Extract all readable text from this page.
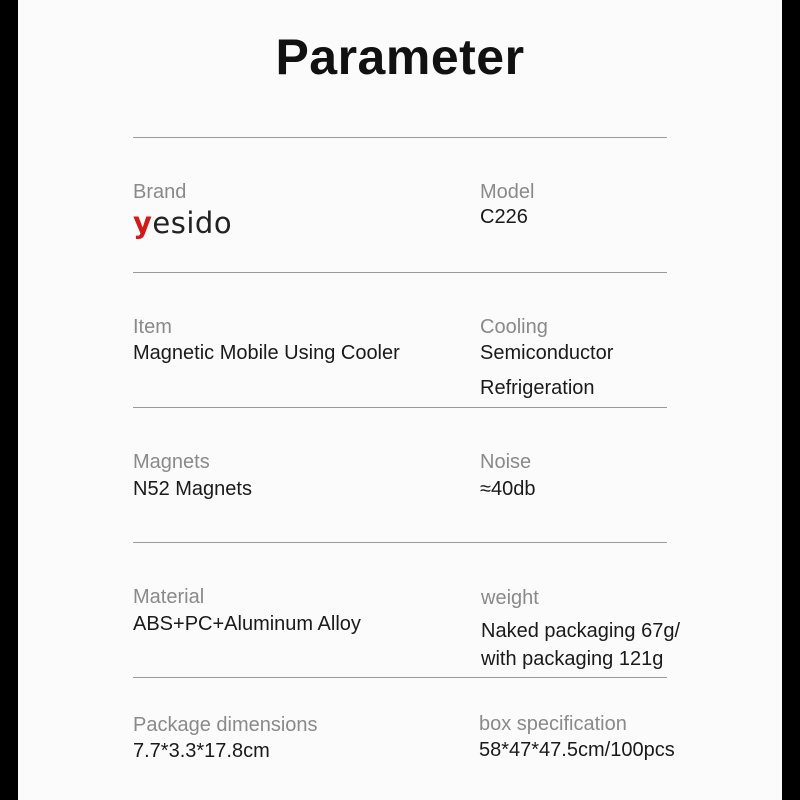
Parameter
Brand
yesido
Model
C226
Item
Magnetic Mobile Using Cooler
Cooling
Semiconductor
Refrigeration
Magnets
N52 Magnets
Noise
≈40db
Material
ABS+PC+Aluminum Alloy
weight
Naked packaging 67g/
with packaging 121g
Package dimensions
7.7*3.3*17.8cm
box specification
58*47*47.5cm/100pcs
